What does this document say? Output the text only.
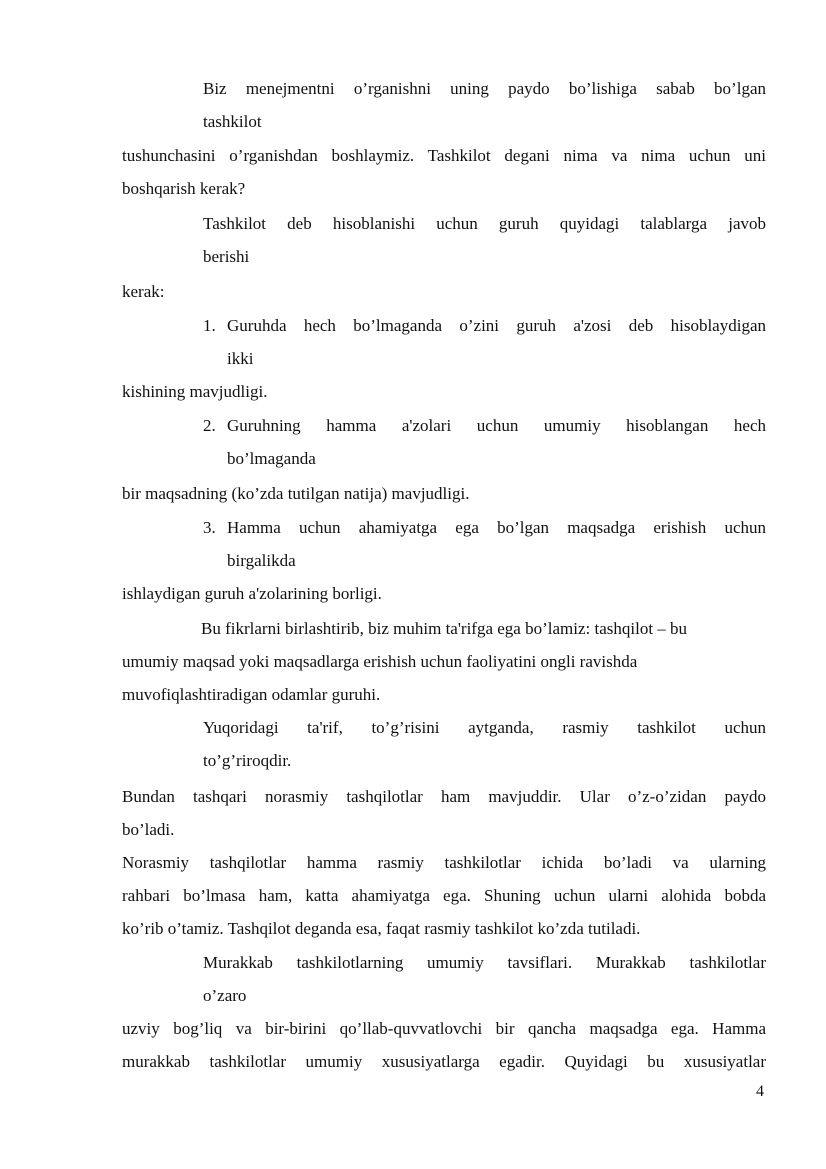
Biz menejmentni o’rganishni uning paydo bo’lishiga sabab bo’lgan
tashkilot
tushunchasini o’rganishdan boshlaymiz. Tashkilot degani nima va nima uchun uni
boshqarish kerak?
Tashkilot deb hisoblanishi uchun guruh quyidagi talablarga javob
berishi
kerak:
1. Guruhda hech bo’lmaganda o’zini guruh a'zosi deb hisoblaydigan
ikki
kishining mavjudligi.
2. Guruhning hamma a'zolari uchun umumiy hisoblangan hech
bo’lmaganda
bir maqsadning (ko’zda tutilgan natija) mavjudligi.
3. Hamma uchun ahamiyatga ega bo’lgan maqsadga erishish uchun
birgalikda
ishlaydigan guruh a'zolarining borligi.
Bu fikrlarni birlashtirib, biz muhim ta'rifga ega bo’lamiz: tashqilot – bu
umumiy maqsad yoki maqsadlarga erishish uchun faoliyatini ongli ravishda
muvofiqlashtiradigan odamlar guruhi.
Yuqoridagi ta'rif, to’g’risini aytganda, rasmiy tashkilot uchun
to’g’riroqdir.
Bundan tashqari norasmiy tashqilotlar ham mavjuddir. Ular o’z-o’zidan paydo
bo’ladi.
Norasmiy tashqilotlar hamma rasmiy tashkilotlar ichida bo’ladi va ularning
rahbari bo’lmasa ham, katta ahamiyatga ega. Shuning uchun ularni alohida bobda
ko’rib o’tamiz. Tashqilot deganda esa, faqat rasmiy tashkilot ko’zda tutiladi.
Murakkab tashkilotlarning umumiy tavsiflari. Murakkab tashkilotlar
o’zaro
uzviy bog’liq va bir-birini qo’llab-quvvatlovchi bir qancha maqsadga ega. Hamma
murakkab tashkilotlar umumiy xususiyatlarga egadir. Quyidagi bu xususiyatlar
4
